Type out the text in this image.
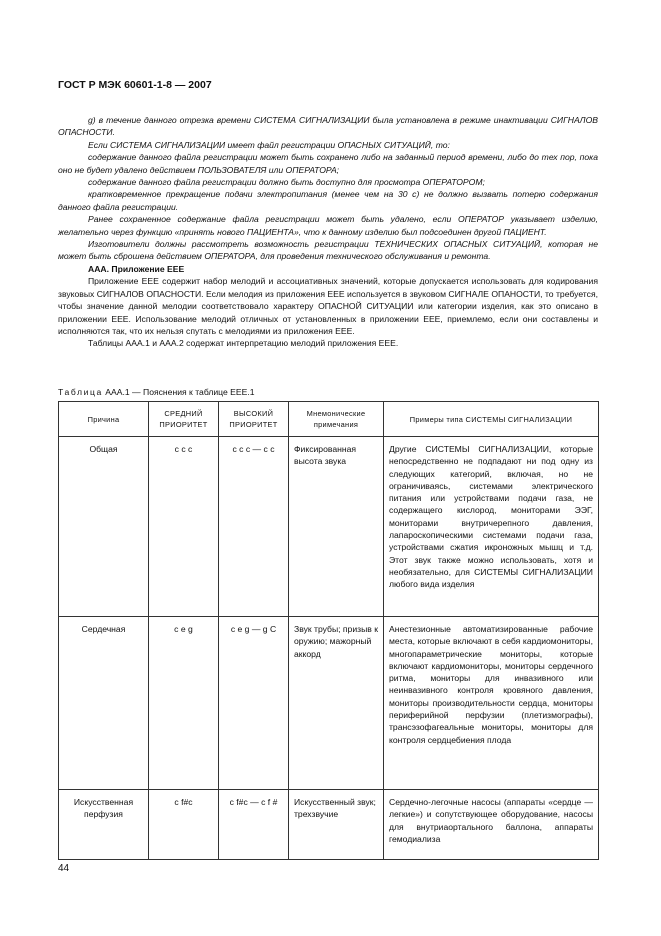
ГОСТ Р МЭК 60601-1-8 — 2007

g) в течение данного отрезка времени СИСТЕМА СИГНАЛИЗАЦИИ была установлена в режиме инактивации СИГНАЛОВ ОПАСНОСТИ.

Если СИСТЕМА СИГНАЛИЗАЦИИ имеет файл регистрации ОПАСНЫХ СИТУАЦИЙ, то:

содержание данного файла регистрации может быть сохранено либо на заданный период времени, либо до тех пор, пока оно не будет удалено действием ПОЛЬЗОВАТЕЛЯ или ОПЕРАТОРА;

содержание данного файла регистрации должно быть доступно для просмотра ОПЕРАТОРОМ;

кратковременное прекращение подачи электропитания (менее чем на 30 с) не должно вызвать потерю содержания данного файла регистрации.

Ранее сохраненное содержание файла регистрации может быть удалено, если ОПЕРАТОР указывает изделию, желательно через функцию «принять нового ПАЦИЕНТА», что к данному изделию был подсоединен другой ПАЦИЕНТ.

Изготовители должны рассмотреть возможность регистрации ТЕХНИЧЕСКИХ ОПАСНЫХ СИТУАЦИЙ, которая не может быть сброшена действием ОПЕРАТОРА, для проведения технического обслуживания и ремонта.

ААА. Приложение ЕЕЕ

Приложение ЕЕЕ содержит набор мелодий и ассоциативных значений, которые допускается использовать для кодирования звуковых СИГНАЛОВ ОПАСНОСТИ. Если мелодия из приложения ЕЕЕ используется в звуковом СИГНАЛЕ ОПАНОСТИ, то требуется, чтобы значение данной мелодии соответствовало характеру ОПАСНОЙ СИТУАЦИИ или категории изделия, как это описано в приложении ЕЕЕ. Использование мелодий отличных от установленных в приложении ЕЕЕ, приемлемо, если они составлены и исполняются так, что их нельзя спутать с мелодиями из приложения ЕЕЕ.

Таблицы ААА.1 и ААА.2 содержат интерпретацию мелодий приложения ЕЕЕ.

Таблица ААА.1 — Пояснения к таблице ЕЕЕ.1
Причина	СРЕДНИЙ ПРИОРИТЕТ	ВЫСОКИЙ ПРИОРИТЕТ	Мнемонические примечания	Примеры типа СИСТЕМЫ СИГНАЛИЗАЦИИ
Общая	c c c	c c c — c c	Фиксированная высота звука	Другие СИСТЕМЫ СИГНАЛИЗАЦИИ, которые непосредственно не подпадают ни под одну из следующих категорий, включая, но не ограничиваясь, системами электрического питания или устройствами подачи газа, не содержащего кислород, мониторами ЭЭГ, мониторами внутричерепного давления, лапароскопическими системами подачи газа, устройствами сжатия икроножных мышц и т.д. Этот звук также можно использовать, хотя и необязательно, для СИСТЕМЫ СИГНАЛИЗАЦИИ любого вида изделия
Сердечная	c e g	c e g — g C	Звук трубы; призыв к оружию; мажорный аккорд	Анестезионные автоматизированные рабочие места, которые включают в себя кардиомониторы, многопараметрические мониторы, которые включают кардиомониторы, мониторы сердечного ритма, мониторы для инвазивного или неинвазивного контроля кровяного давления, мониторы производительности сердца, мониторы периферийной перфузии (плетизмографы), трансэзофагеальные мониторы, мониторы для контроля сердцебиения плода
Искусственная перфузия	c f#c	c f#c — c f #	Искусственный звук; трехзвучие	Сердечно-легочные насосы (аппараты «сердце — легкие») и сопутствующее оборудование, насосы для внутриаортального баллона, аппараты гемодиализа
44
